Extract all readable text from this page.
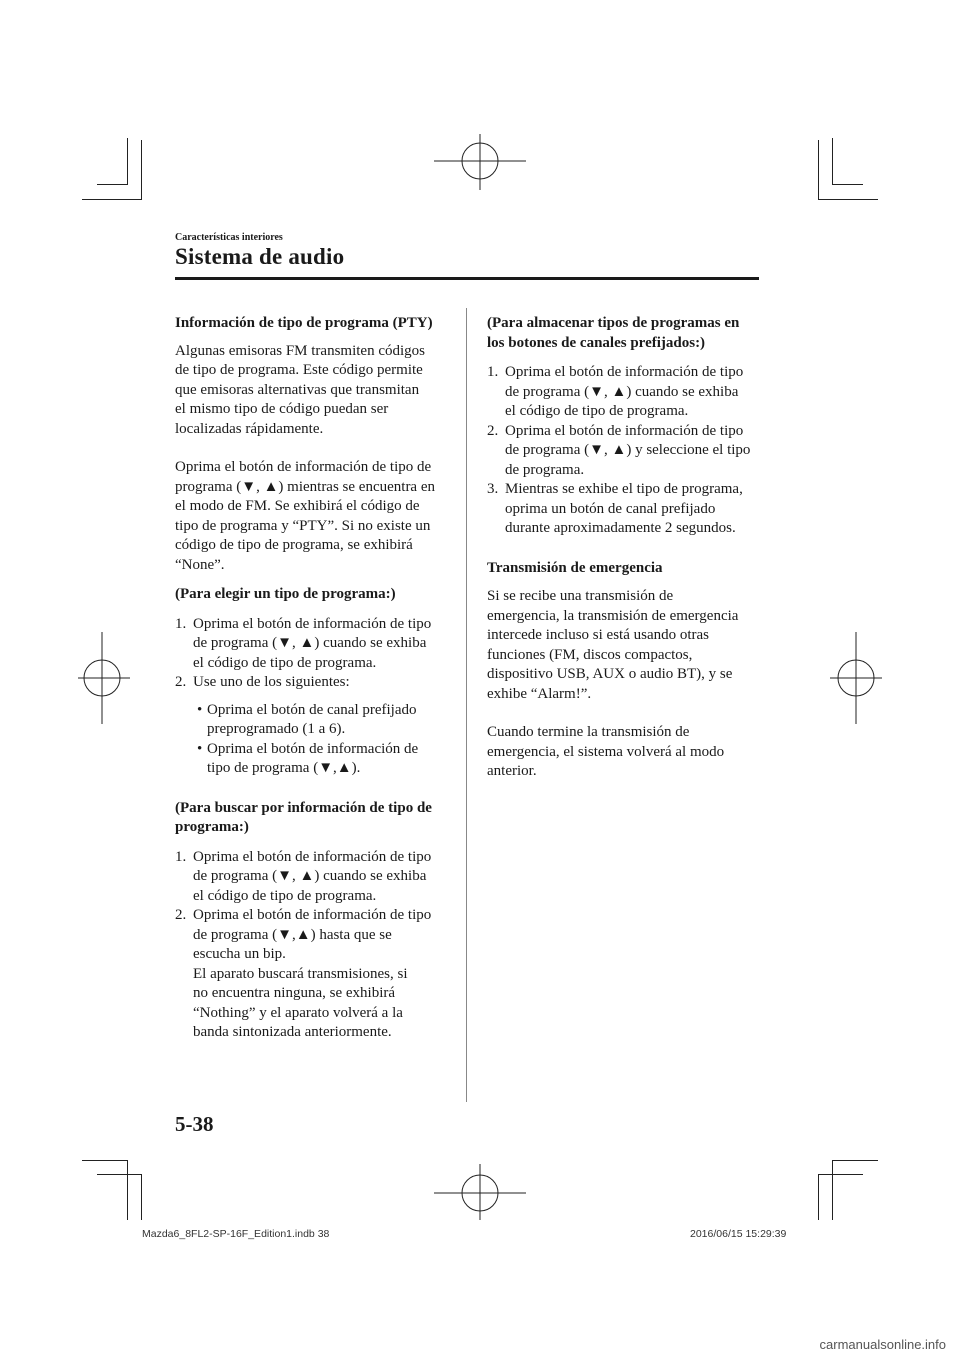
Características interiores
Sistema de audio

Información de tipo de programa (PTY)

Algunas emisoras FM transmiten códigos
de tipo de programa. Este código permite
que emisoras alternativas que transmitan
el mismo tipo de código puedan ser
localizadas rápidamente.

Oprima el botón de información de tipo de
programa (▼, ▲) mientras se encuentra en
el modo de FM. Se exhibirá el código de
tipo de programa y “PTY”. Si no existe un
código de tipo de programa, se exhibirá
“None”.

(Para elegir un tipo de programa:)

1. Oprima el botón de información de tipo
de programa (▼, ▲) cuando se exhiba
el código de tipo de programa.
2. Use uno de los siguientes:
• Oprima el botón de canal prefijado
preprogramado (1 a 6).
• Oprima el botón de información de
tipo de programa (▼,▲).

(Para buscar por información de tipo de
programa:)

1. Oprima el botón de información de tipo
de programa (▼, ▲) cuando se exhiba
el código de tipo de programa.
2. Oprima el botón de información de tipo
de programa (▼,▲) hasta que se
escucha un bip.
El aparato buscará transmisiones, si
no encuentra ninguna, se exhibirá
“Nothing” y el aparato volverá a la
banda sintonizada anteriormente.

(Para almacenar tipos de programas en
los botones de canales prefijados:)

1. Oprima el botón de información de tipo
de programa (▼, ▲) cuando se exhiba
el código de tipo de programa.
2. Oprima el botón de información de tipo
de programa (▼, ▲) y seleccione el tipo
de programa.
3. Mientras se exhibe el tipo de programa,
oprima un botón de canal prefijado
durante aproximadamente 2 segundos.

Transmisión de emergencia

Si se recibe una transmisión de
emergencia, la transmisión de emergencia
intercede incluso si está usando otras
funciones (FM, discos compactos,
dispositivo USB, AUX o audio BT), y se
exhibe “Alarm!”.

Cuando termine la transmisión de
emergencia, el sistema volverá al modo
anterior.

5-38
Mazda6_8FL2-SP-16F_Edition1.indb 38	2016/06/15 15:29:39
carmanualsonline.info
